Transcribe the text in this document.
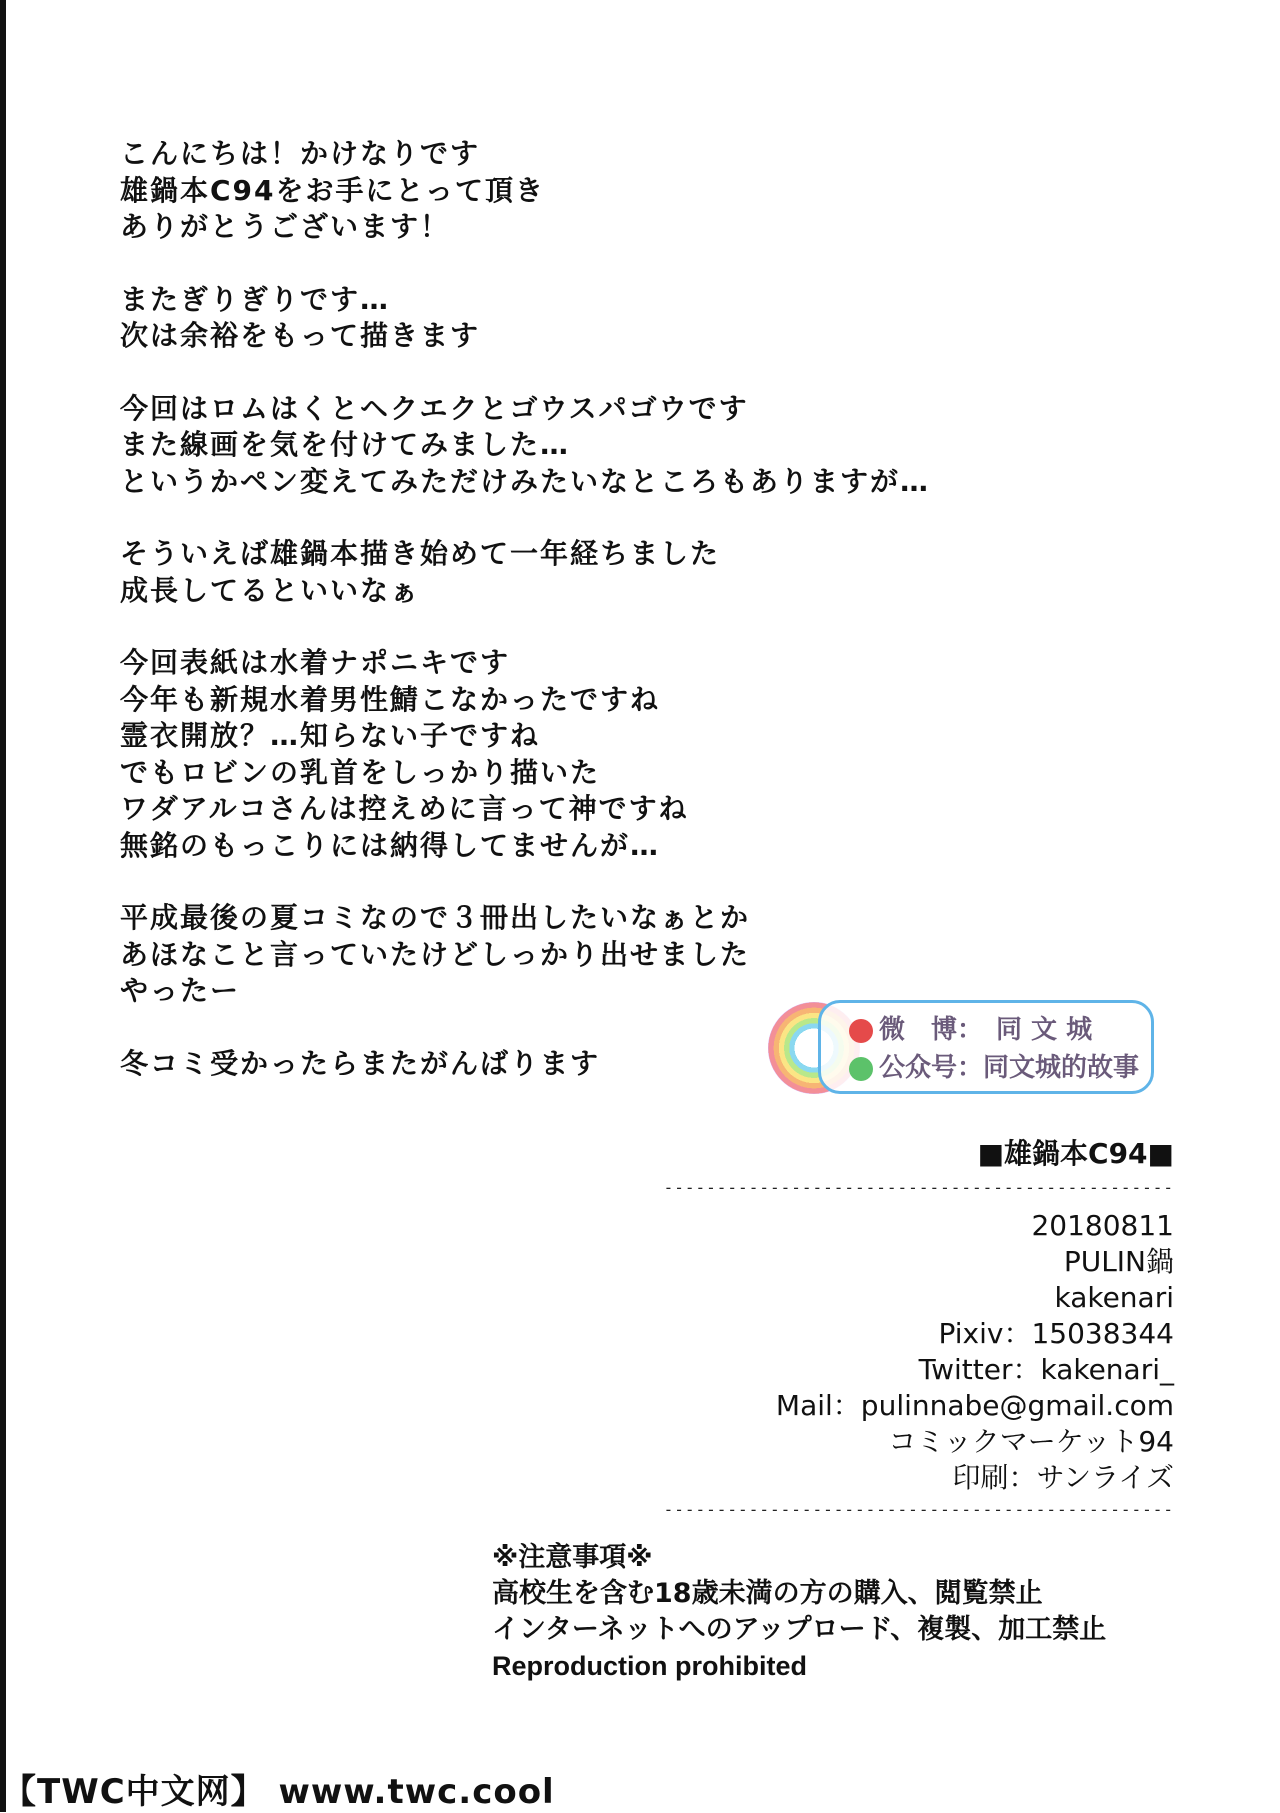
こんにちは！かけなりです
雄鍋本C94をお手にとって頂き
ありがとうございます！
またぎりぎりです…
次は余裕をもって描きます
今回はロムはくとヘクエクとゴウスパゴウです
また線画を気を付けてみました…
というかペン変えてみただけみたいなところもありますが…
そういえば雄鍋本描き始めて一年経ちました
成長してるといいなぁ
今回表紙は水着ナポニキです
今年も新規水着男性鯖こなかったですね
霊衣開放？…知らない子ですね
でもロビンの乳首をしっかり描いた
ワダアルコさんは控えめに言って神ですね
無銘のもっこりには納得してませんが…
平成最後の夏コミなので３冊出したいなぁとか
あほなこと言っていたけどしっかり出せました
やったー
冬コミ受かったらまたがんばります
微　博：　同 文 城
公众号：同文城的故事
■雄鍋本C94■
------------------------------------------------
20180811
PULIN鍋
kakenari
Pixiv：15038344
Twitter：kakenari_
Mail：pulinnabe@gmail.com
コミックマーケット94
印刷：サンライズ
------------------------------------------------
※注意事項※
高校生を含む18歳未満の方の購入、閲覧禁止
インターネットへのアップロード、複製、加工禁止
Reproduction prohibited
【TWC中文网】 www.twc.cool
